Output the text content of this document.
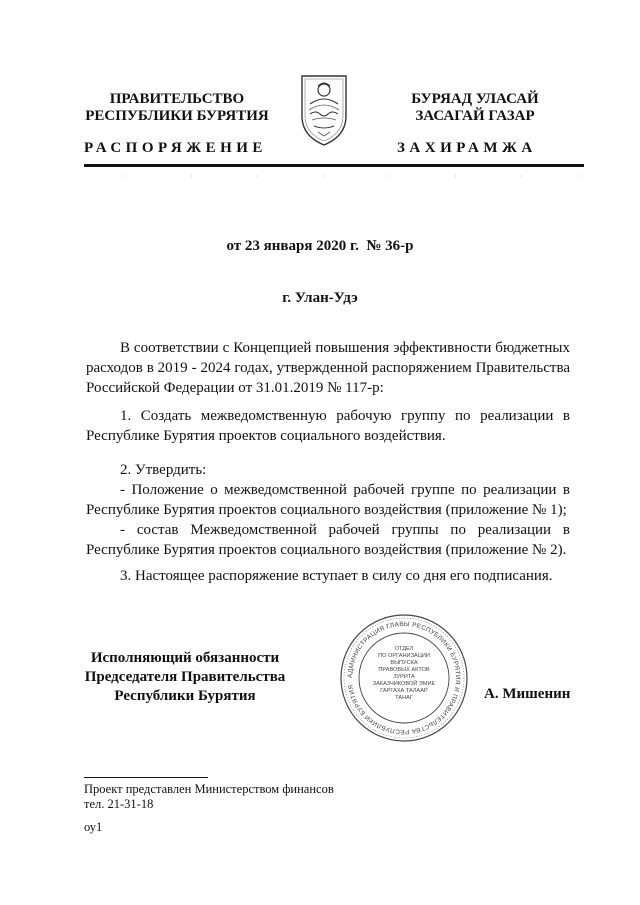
ПРАВИТЕЛЬСТВО
РЕСПУБЛИКИ БУРЯТИЯ
БУРЯАД УЛАСАЙ
ЗАСАГАЙ ГАЗАР
РАСПОРЯЖЕНИЕ	ЗАХИРАМЖА
·	·	·	·	·	·	·	·
от 23 января 2020 г.  № 36-р
г. Улан-Удэ

В соответствии с Концепцией повышения эффективности бюджетных расходов в 2019 - 2024 годах, утвержденной распоряжением Правительства Российской Федерации от 31.01.2019 № 117-р:

1. Создать межведомственную рабочую группу по реализации в Республике Бурятия проектов социального воздействия.

2. Утвердить:

- Положение о межведомственной рабочей группе по реализации в Республике Бурятия проектов социального воздействия (приложение № 1);

- состав Межведомственной рабочей группы по реализации в Республике Бурятия проектов социального воздействия (приложение № 2).

3. Настоящее распоряжение вступает в силу со дня его подписания.

Исполняющий обязанности
Председателя Правительства
Республики Бурятия
АДМИНИСТРАЦИЯ ГЛАВЫ РЕСПУБЛИКИ БУРЯТИЯ И ПРАВИТЕЛЬСТВА РЕСПУБЛИКИ БУРЯТИЯ
ОТДЕЛ
ПО ОРГАНИЗАЦИИ
ВЫПУСКА
ПРАВОВЫХ АКТОВ
ЗУРИТА
ЗАКАЗЧИКОВОЙ ЭМИЕ
ГАРГАХА ТАЛААР
ТАНАГ	А. Мишенин
Проект представлен Министерством финансов
тел. 21-31-18
оу1
